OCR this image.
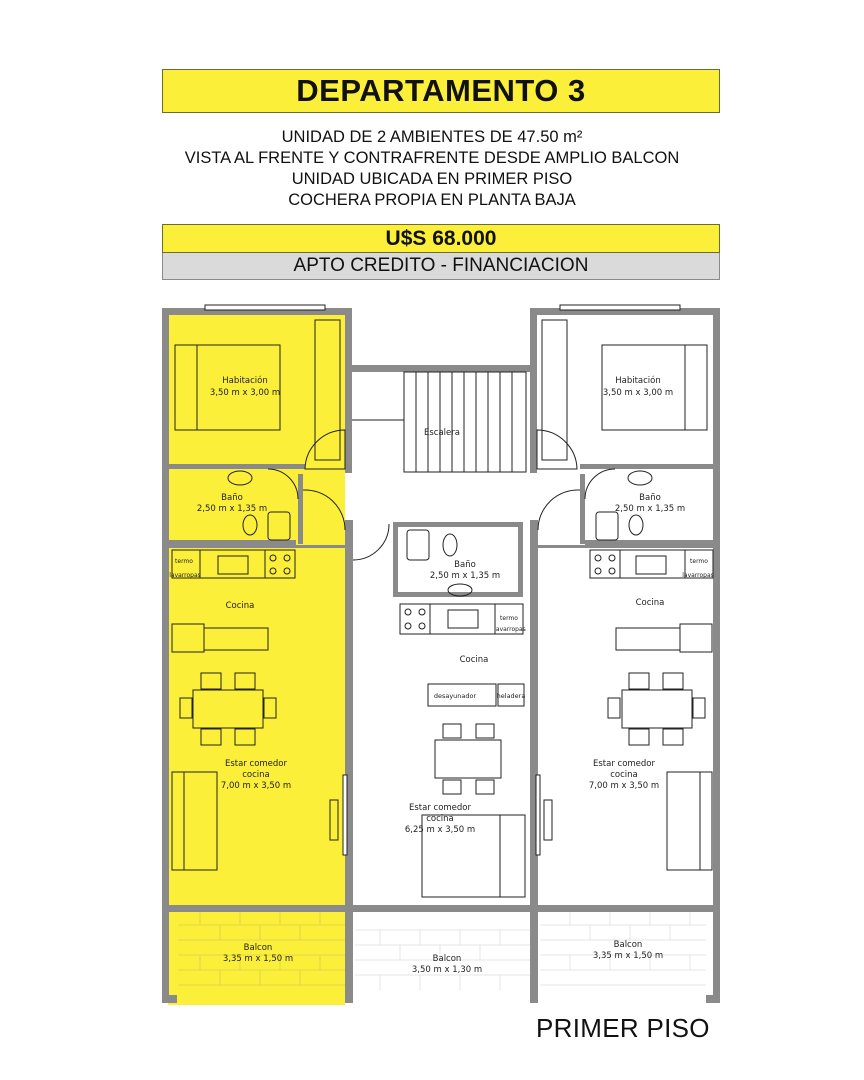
DEPARTAMENTO 3
UNIDAD DE 2 AMBIENTES DE 47.50 m²
VISTA AL FRENTE Y CONTRAFRENTE DESDE AMPLIO BALCON
UNIDAD UBICADA EN PRIMER PISO
COCHERA PROPIA EN PLANTA BAJA
U$S 68.000
APTO CREDITO - FINANCIACION
Habitación
3,50 m x 3,00 m
Baño
2,50 m x 1,35 m
termo
lavarropas
Cocina
Estar comedor
cocina
7,00 m x 3,50 m
Balcon
3,35 m x 1,50 m
Escalera
Baño
2,50 m x 1,35 m
termo
lavarropas
Cocina
desayunador	heladera
Estar comedor
cocina
6,25 m x 3,50 m
Balcon
3,50 m x 1,30 m
Habitación
3,50 m x 3,00 m
Baño
2,50 m x 1,35 m
termo
lavarropas
Cocina
Estar comedor
cocina
7,00 m x 3,50 m
Balcon
3,35 m x 1,50 m
PRIMER PISO
